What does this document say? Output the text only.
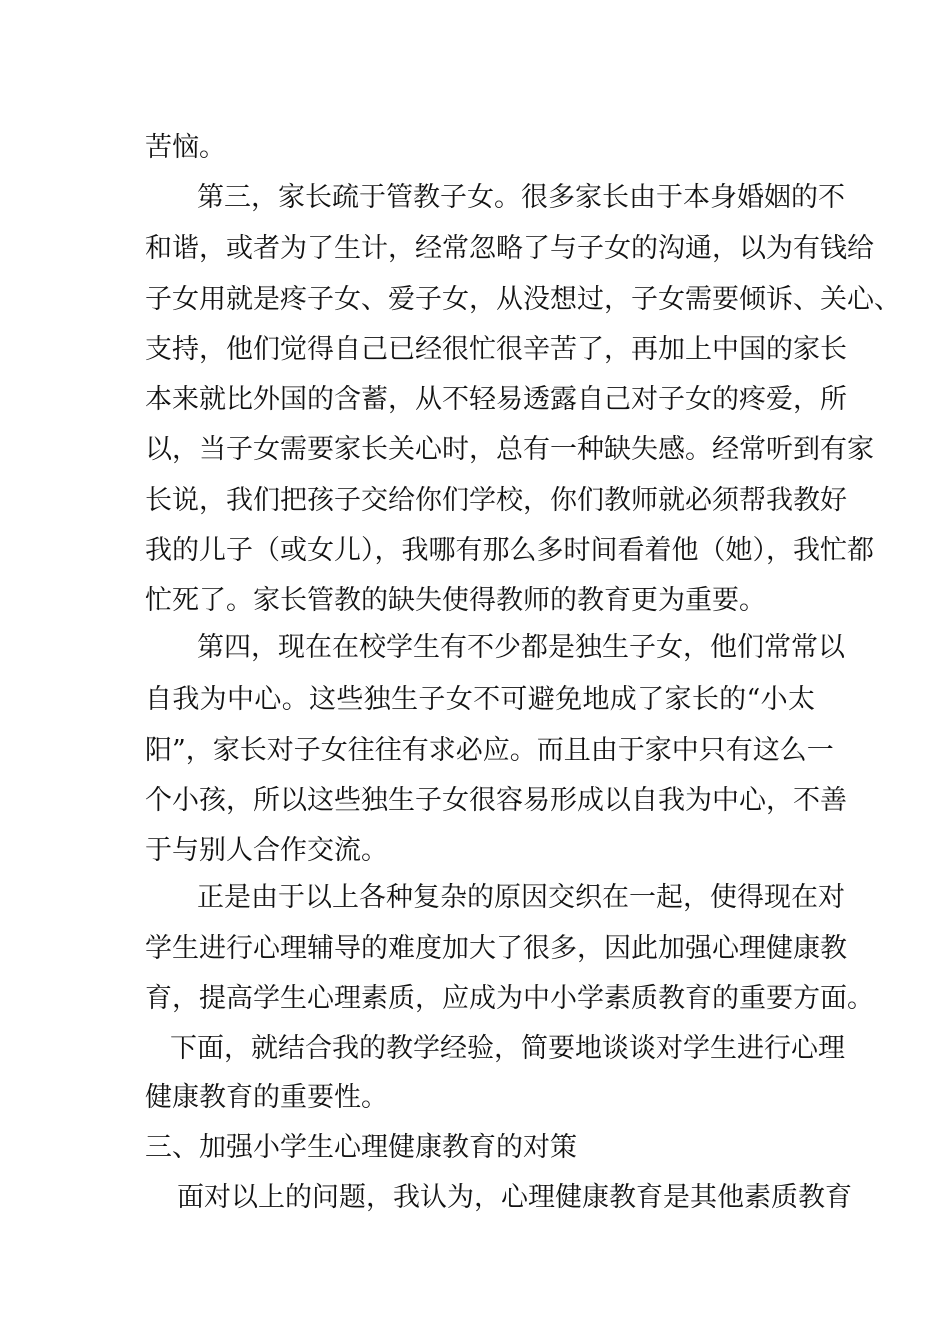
苦恼。
第三，家长疏于管教子女。很多家长由于本身婚姻的不
和谐，或者为了生计，经常忽略了与子女的沟通，以为有钱给
子女用就是疼子女、爱子女，从没想过，子女需要倾诉、关心、
支持，他们觉得自己已经很忙很辛苦了，再加上中国的家长
本来就比外国的含蓄，从不轻易透露自己对子女的疼爱，所
以，当子女需要家长关心时，总有一种缺失感。经常听到有家
长说，我们把孩子交给你们学校，你们教师就必须帮我教好
我的儿子（或女儿），我哪有那么多时间看着他（她），我忙都
忙死了。家长管教的缺失使得教师的教育更为重要。
第四，现在在校学生有不少都是独生子女，他们常常以
自我为中心。这些独生子女不可避免地成了家长的“小太
阳”，家长对子女往往有求必应。而且由于家中只有这么一
个小孩，所以这些独生子女很容易形成以自我为中心，不善
于与别人合作交流。
正是由于以上各种复杂的原因交织在一起，使得现在对
学生进行心理辅导的难度加大了很多，因此加强心理健康教
育，提高学生心理素质，应成为中小学素质教育的重要方面。
下面，就结合我的教学经验，简要地谈谈对学生进行心理
健康教育的重要性。
三、加强小学生心理健康教育的对策
面对以上的问题，我认为，心理健康教育是其他素质教育
